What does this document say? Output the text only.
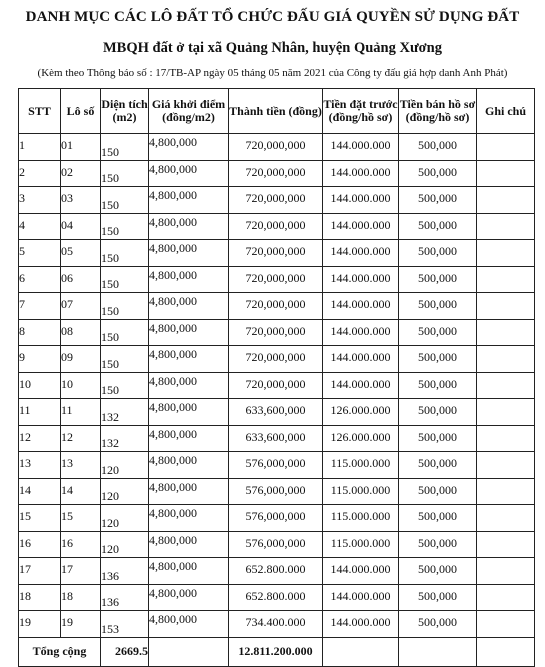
DANH MỤC CÁC LÔ ĐẤT TỔ CHỨC ĐẤU GIÁ QUYỀN SỬ DỤNG ĐẤT
MBQH đất ở tại xã Quảng Nhân, huyện Quảng Xương
(Kèm theo Thông báo số : 17/TB-AP ngày 05 tháng 05 năm 2021 của Công ty đấu giá hợp danh Anh Phát)
STT	Lô số	Diện tích (m2)	Giá khởi điểm (đồng/m2)	Thành tiền (đồng)	Tiền đặt trước (đồng/hồ sơ)	Tiền bán hồ sơ (đồng/hồ sơ)	Ghi chú
1	01	150	4,800,000	720,000,000	144.000.000	500,000	
2	02	150	4,800,000	720,000,000	144.000.000	500,000	
3	03	150	4,800,000	720,000,000	144.000.000	500,000	
4	04	150	4,800,000	720,000,000	144.000.000	500,000	
5	05	150	4,800,000	720,000,000	144.000.000	500,000	
6	06	150	4,800,000	720,000,000	144.000.000	500,000	
7	07	150	4,800,000	720,000,000	144.000.000	500,000	
8	08	150	4,800,000	720,000,000	144.000.000	500,000	
9	09	150	4,800,000	720,000,000	144.000.000	500,000	
10	10	150	4,800,000	720,000,000	144.000.000	500,000	
11	11	132	4,800,000	633,600,000	126.000.000	500,000	
12	12	132	4,800,000	633,600,000	126.000.000	500,000	
13	13	120	4,800,000	576,000,000	115.000.000	500,000	
14	14	120	4,800,000	576,000,000	115.000.000	500,000	
15	15	120	4,800,000	576,000,000	115.000.000	500,000	
16	16	120	4,800,000	576,000,000	115.000.000	500,000	
17	17	136	4,800,000	652.800.000	144.000.000	500,000	
18	18	136	4,800,000	652.800.000	144.000.000	500,000	
19	19	153	4,800,000	734.400.000	144.000.000	500,000	
Tổng cộng		2669.5		12.811.200.000			
